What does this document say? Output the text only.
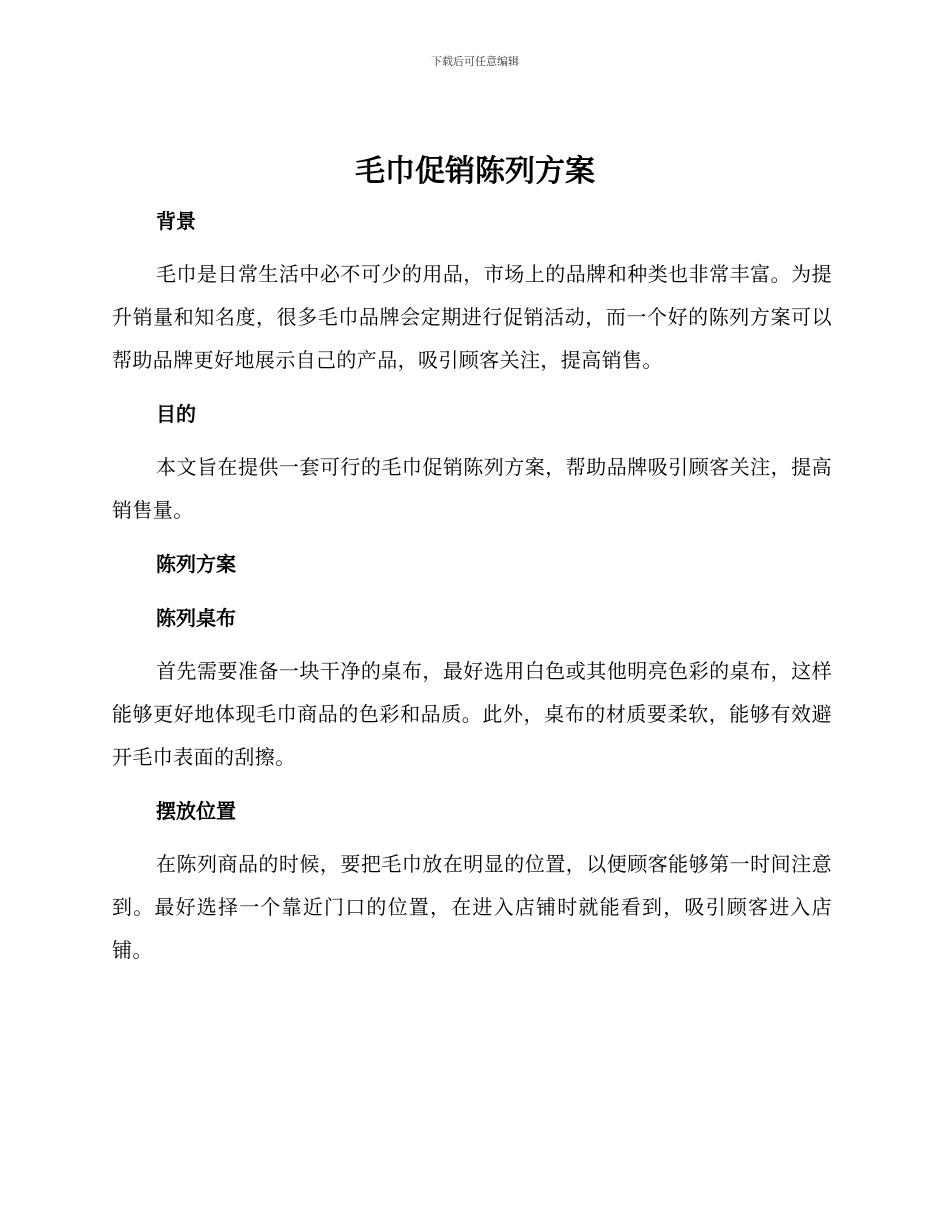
下载后可任意编辑
毛巾促销陈列方案
背景

毛巾是日常生活中必不可少的用品，市场上的品牌和种类也非常丰富。为提升销量和知名度，很多毛巾品牌会定期进行促销活动，而一个好的陈列方案可以帮助品牌更好地展示自己的产品，吸引顾客关注，提高销售。

目的

本文旨在提供一套可行的毛巾促销陈列方案，帮助品牌吸引顾客关注，提高销售量。

陈列方案
陈列桌布

首先需要准备一块干净的桌布，最好选用白色或其他明亮色彩的桌布，这样能够更好地体现毛巾商品的色彩和品质。此外，桌布的材质要柔软，能够有效避开毛巾表面的刮擦。

摆放位置

在陈列商品的时候，要把毛巾放在明显的位置，以便顾客能够第一时间注意到。最好选择一个靠近门口的位置，在进入店铺时就能看到，吸引顾客进入店铺。
